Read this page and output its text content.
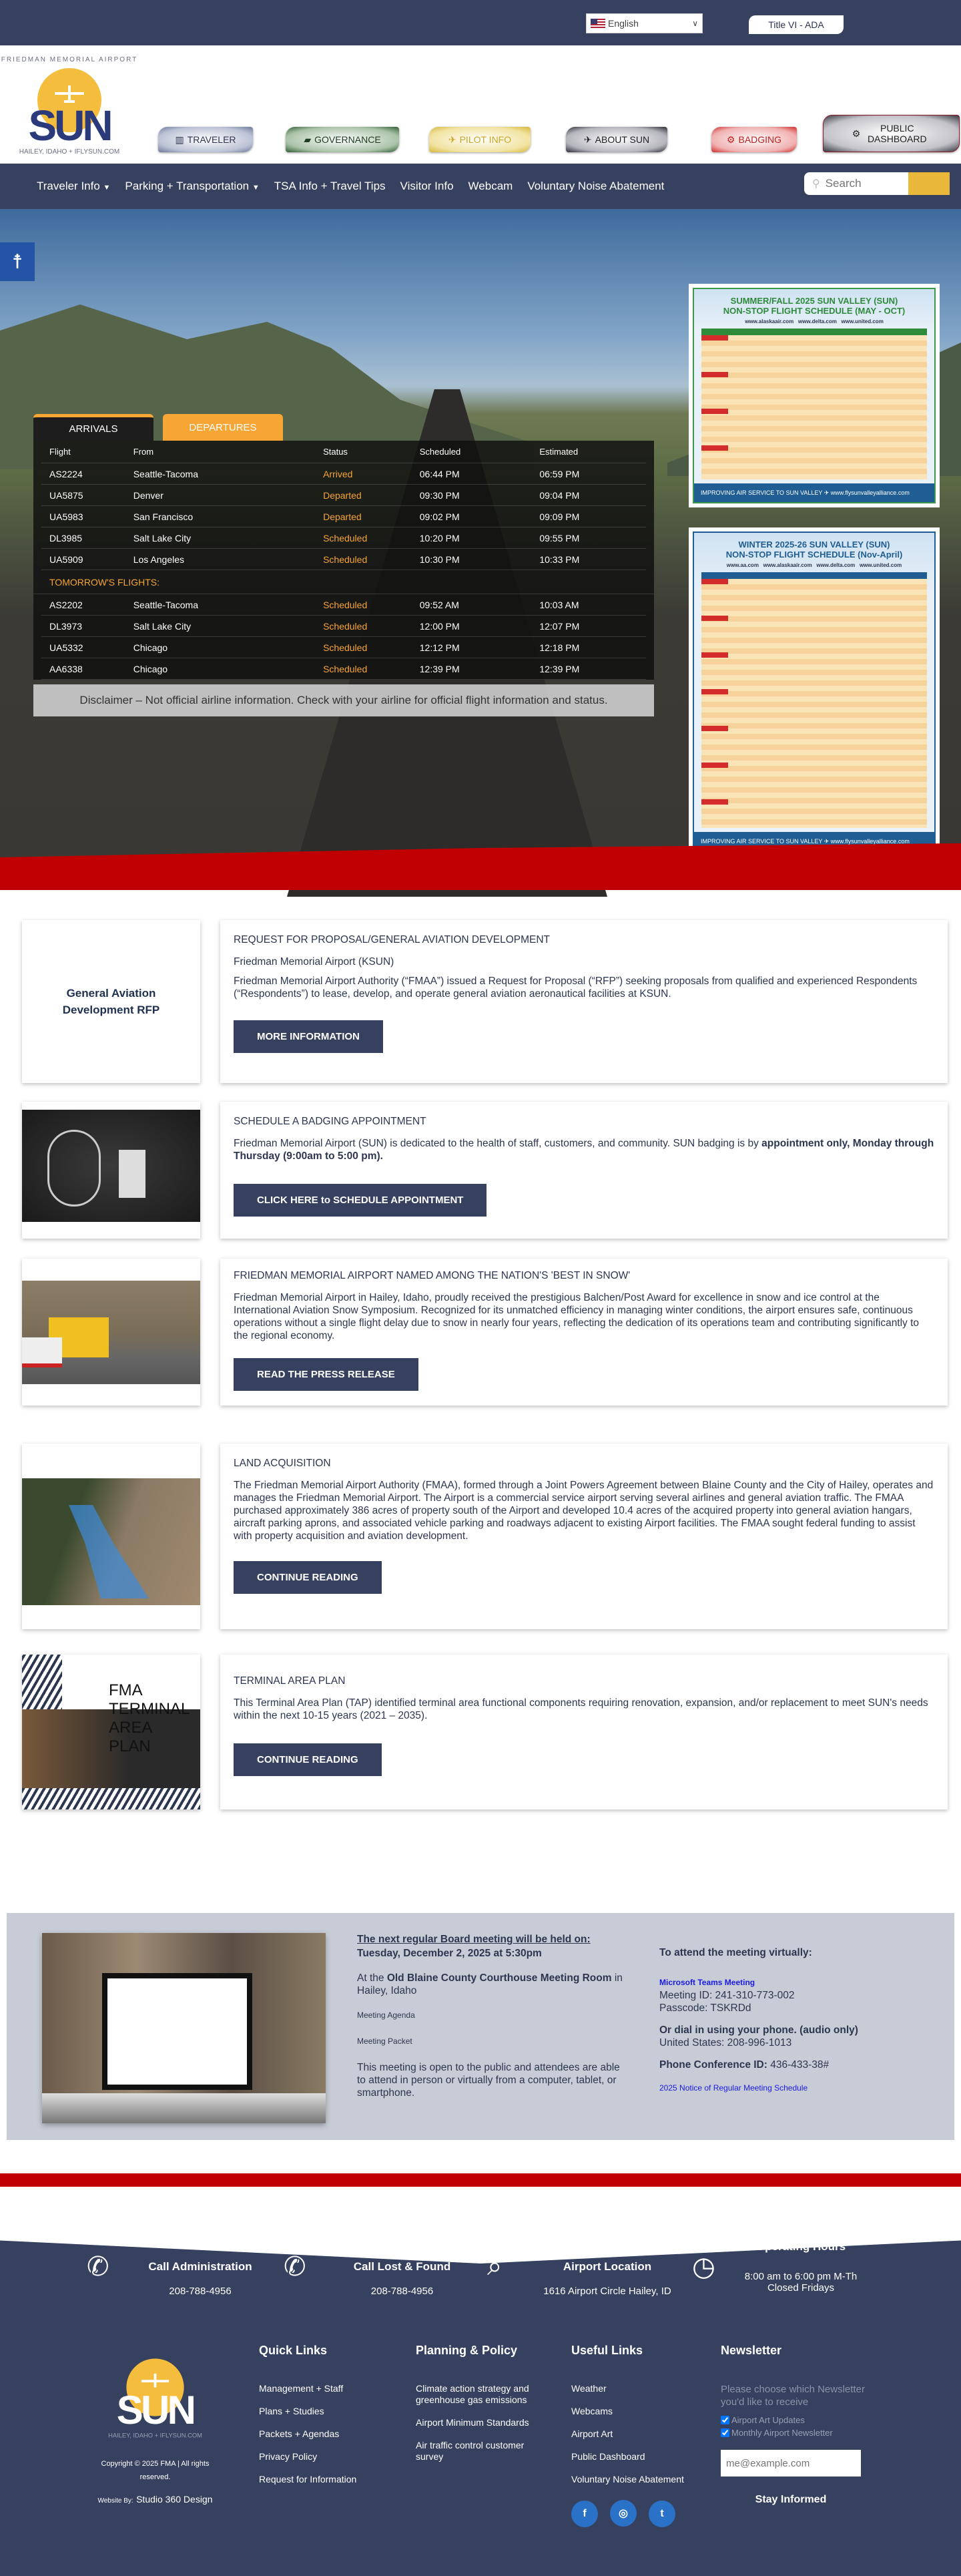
English	∨	Title VI - ADA
FRIEDMAN MEMORIAL AIRPORT
SUN
HAILEY, IDAHO + IFLYSUN.COM
▥ TRAVELER	▰ GOVERNANCE	✈ PILOT INFO	✈ ABOUT SUN	⚙ BADGING
⚙	PUBLIC DASHBOARD
Traveler Info ▼ Parking + Transportation ▼ TSA Info + Travel Tips Visitor Info Webcam Voluntary Noise Abatement	⚲
Search
☨
ARRIVALS	DEPARTURES
Flight	From	Status	Scheduled	Estimated
AS2224	Seattle-Tacoma	Arrived	06:44 PM	06:59 PM
UA5875	Denver	Departed	09:30 PM	09:04 PM
UA5983	San Francisco	Departed	09:02 PM	09:09 PM
DL3985	Salt Lake City	Scheduled	10:20 PM	09:55 PM
UA5909	Los Angeles	Scheduled	10:30 PM	10:33 PM
TOMORROW'S FLIGHTS:
AS2202	Seattle-Tacoma	Scheduled	09:52 AM	10:03 AM
DL3973	Salt Lake City	Scheduled	12:00 PM	12:07 PM
UA5332	Chicago	Scheduled	12:12 PM	12:18 PM
AA6338	Chicago	Scheduled	12:39 PM	12:39 PM
Disclaimer – Not official airline information. Check with your airline for official flight information and status.
SUMMER/FALL 2025 SUN VALLEY (SUN)
NON-STOP FLIGHT SCHEDULE (MAY - OCT)
www.alaskaair.com   www.delta.com   www.united.com
IMPROVING AIR SERVICE TO SUN VALLEY ✈ www.flysunvalleyalliance.com
WINTER 2025-26 SUN VALLEY (SUN)
NON-STOP FLIGHT SCHEDULE (Nov-April)
www.aa.com   www.alaskaair.com   www.delta.com   www.united.com
IMPROVING AIR SERVICE TO SUN VALLEY ✈ www.flysunvalleyalliance.com
General Aviation Development RFP
REQUEST FOR PROPOSAL/GENERAL AVIATION DEVELOPMENT

Friedman Memorial Airport (KSUN)

Friedman Memorial Airport Authority (“FMAA”) issued a Request for Proposal (“RFP”) seeking proposals from qualified and experienced Respondents (“Respondents”) to lease, develop, and operate general aviation aeronautical facilities at KSUN.

MORE INFORMATION
SCHEDULE A BADGING APPOINTMENT

Friedman Memorial Airport (SUN) is dedicated to the health of staff, customers, and community. SUN badging is by appointment only, Monday through Thursday (9:00am to 5:00 pm).

CLICK HERE to SCHEDULE APPOINTMENT
FRIEDMAN MEMORIAL AIRPORT NAMED AMONG THE NATION'S 'BEST IN SNOW'

Friedman Memorial Airport in Hailey, Idaho, proudly received the prestigious Balchen/Post Award for excellence in snow and ice control at the International Aviation Snow Symposium. Recognized for its unmatched efficiency in managing winter conditions, the airport ensures safe, continuous operations without a single flight delay due to snow in nearly four years, reflecting the dedication of its operations team and contributing significantly to the regional economy.

READ THE PRESS RELEASE
LAND ACQUISITION

The Friedman Memorial Airport Authority (FMAA), formed through a Joint Powers Agreement between Blaine County and the City of Hailey, operates and manages the Friedman Memorial Airport. The Airport is a commercial service airport serving several airlines and general aviation traffic. The FMAA purchased approximately 386 acres of property south of the Airport and developed 10.4 acres of the acquired property into general aviation hangars, aircraft parking aprons, and associated vehicle parking and roadways adjacent to existing Airport facilities. The FMAA sought federal funding to assist with property acquisition and aviation development.

CONTINUE READING
FMA TERMINAL AREA PLAN
TERMINAL AREA PLAN

This Terminal Area Plan (TAP) identified terminal area functional components requiring renovation, expansion, and/or replacement to meet SUN's needs within the next 10-15 years (2021 – 2035).

CONTINUE READING
The next regular Board meeting will be held on:
Tuesday, December 2, 2025 at 5:30pm
At the Old Blaine County Courthouse Meeting Room in Hailey, Idaho
Meeting Agenda
Meeting Packet
This meeting is open to the public and attendees are able to attend in person or virtually from a computer, tablet, or smartphone.
To attend the meeting virtually:
Microsoft Teams Meeting
Meeting ID: 241-310-773-002
Passcode: TSKRDd
Or dial in using your phone. (audio only)
United States: 208-996-1013
Phone Conference ID: 436-433-38#
2025 Notice of Regular Meeting Schedule
✆	Call Administration
208-788-4956
✆	Call Lost & Found
208-788-4956
⌕	Airport Location
1616 Airport Circle Hailey, ID
◷
Operating Hours
8:00 am to 6:00 pm M-Th
Closed Fridays
SUN
HAILEY, IDAHO + IFLYSUN.COM
Copyright © 2025 FMA | All rights reserved.
Website By: Studio 360 Design
Quick Links
Management + Staff
Plans + Studies
Packets + Agendas
Privacy Policy
Request for Information
Planning & Policy
Climate action strategy and greenhouse gas emissions
Airport Minimum Standards
Air traffic control customer survey
Useful Links
Weather
Webcams
Airport Art
Public Dashboard
Voluntary Noise Abatement
f	◎	t
Newsletter
Please choose which Newsletter you'd like to receive
Airport Art Updates
Monthly Airport Newsletter
me@example.com
Stay Informed
